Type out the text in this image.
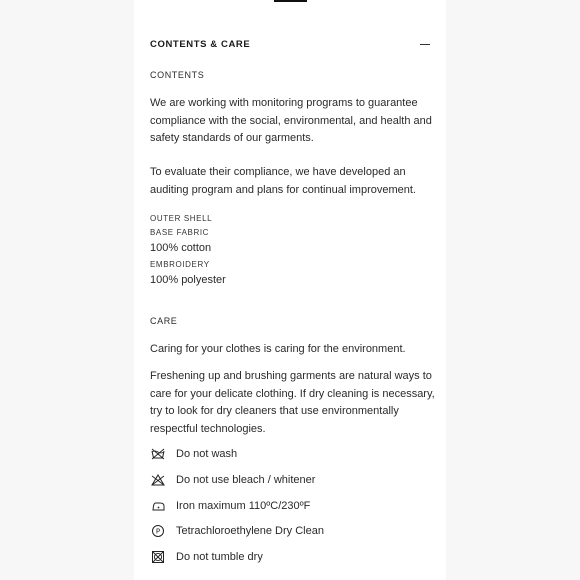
CONTENTS & CARE
CONTENTS

We are working with monitoring programs to guarantee compliance with the social, environmental, and health and safety standards of our garments.

To evaluate their compliance, we have developed an auditing program and plans for continual improvement.

OUTER SHELL
BASE FABRIC
100% cotton
EMBROIDERY
100% polyester
CARE

Caring for your clothes is caring for the environment.

Freshening up and brushing garments are natural ways to care for your delicate clothing. If dry cleaning is necessary, try to look for dry cleaners that use environmentally respectful technologies.

Do not wash
Do not use bleach / whitener
Iron maximum 110ºC/230ºF
P Tetrachloroethylene Dry Clean
Do not tumble dry
